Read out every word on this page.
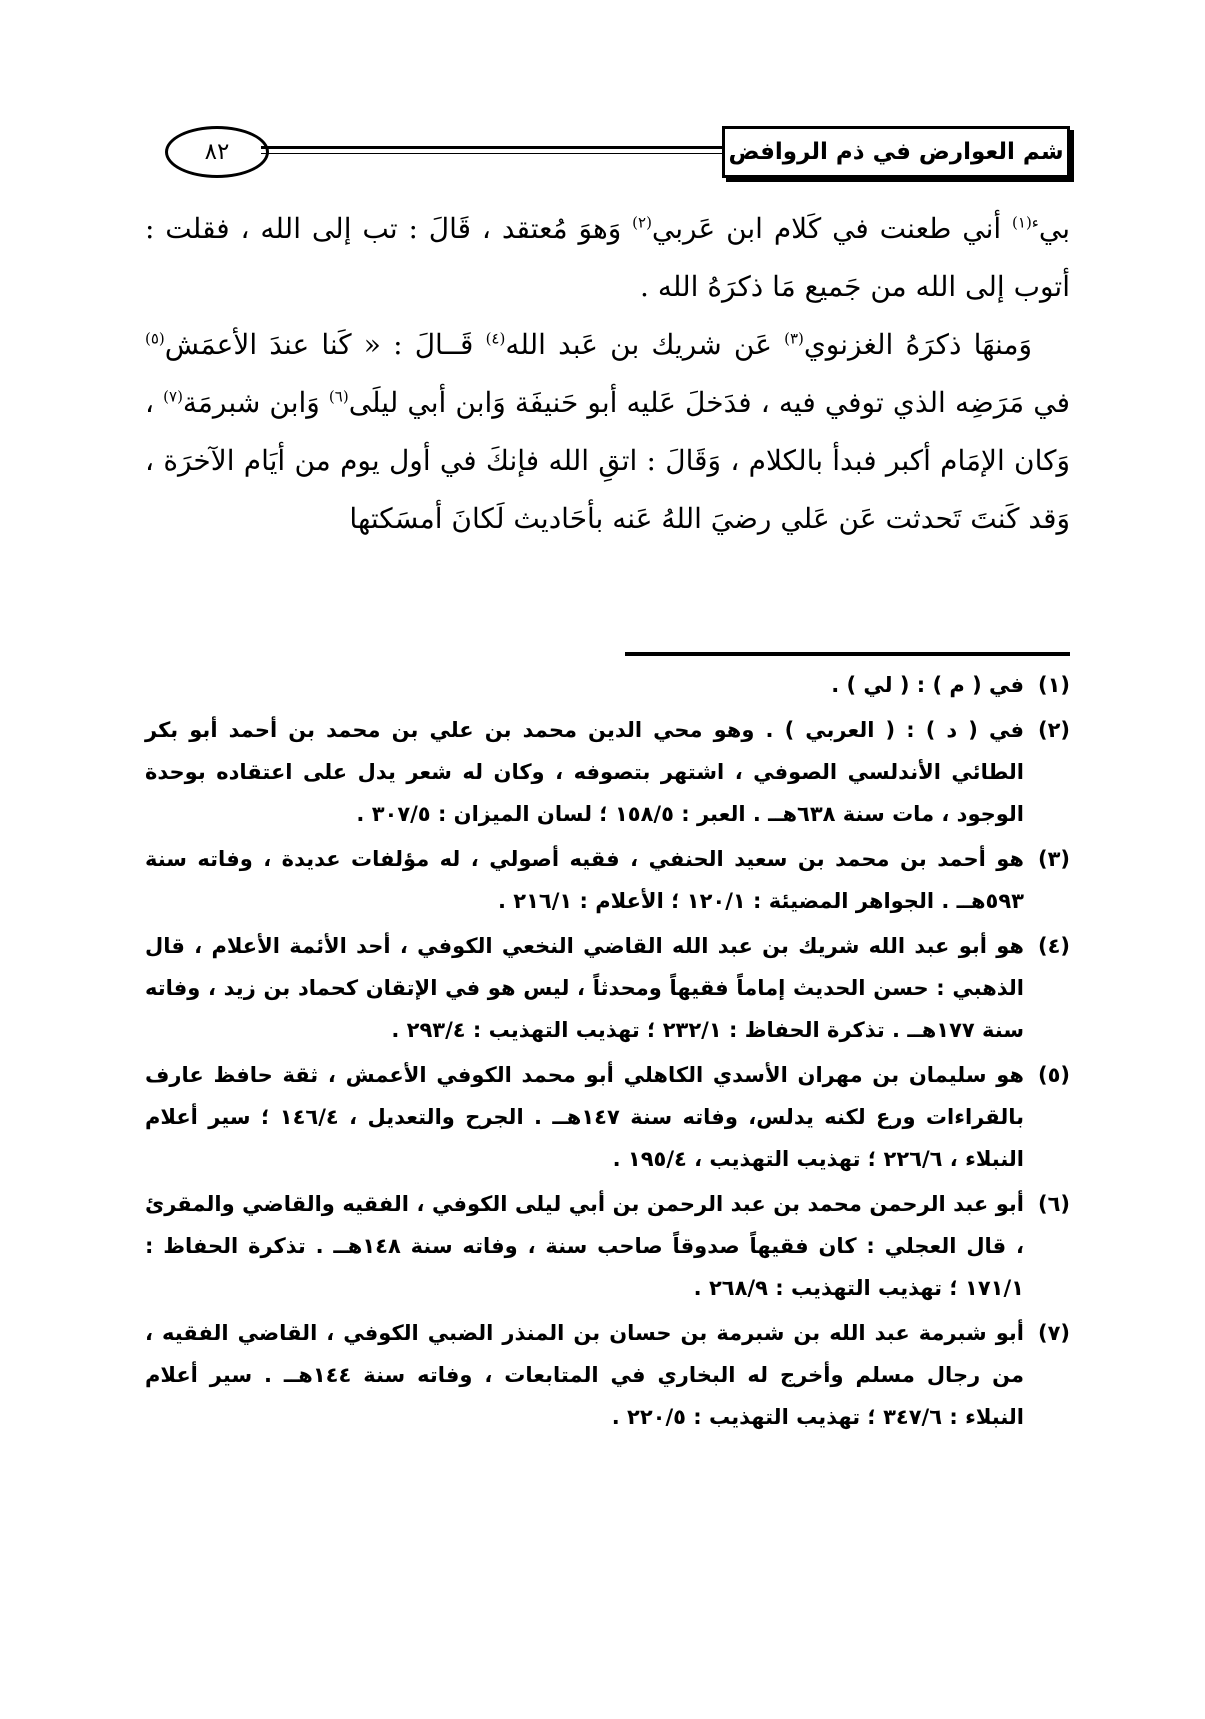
٨٢	شم العوارض في ذم الروافض

بي$^{ء(١)}$ أني طعنت في كَلام ابن عَربي$^{(٢)}$ وَهوَ مُعتقد ، قَالَ : تب إلى الله ، فقلت : أتوب إلى الله من جَميع مَا ذكرَهُ الله .

وَمنهَا ذكرَهُ الغزنوي$^{(٣)}$ عَن شريك بن عَبد الله$^{(٤)}$ قَــالَ : « كَنا عندَ الأعمَش$^{(٥)}$ في مَرَضِه الذي توفي فيه ، فدَخلَ عَليه أبو حَنيفَة وَابن أبي ليلَى$^{(٦)}$ وَابن شبرمَة$^{(٧)}$ ، وَكان الإمَام أكبر فبدأ بالكلام ، وَقَالَ : اتقِ الله فإنكَ في أول يوم من أيَام الآخرَة ، وَقد كَنتَ تَحدثت عَن عَلي رضيَ اللهُ عَنه بأحَاديث لَكانَ أمسَكتها

(١)
في ( م ) : ( لي ) .
(٢)
في ( د ) : ( العربي ) . وهو محي الدين محمد بن علي بن محمد بن أحمد أبو بكر الطائي الأندلسي الصوفي ، اشتهر بتصوفه ، وكان له شعر يدل على اعتقاده بوحدة الوجود ، مات سنة ٦٣٨هــ . العبر : ١٥٨/٥ ؛ لسان الميزان : ٣٠٧/٥ .
(٣)
هو أحمد بن محمد بن سعيد الحنفي ، فقيه أصولي ، له مؤلفات عديدة ، وفاته سنة ٥٩٣هــ . الجواهر المضيئة : ١٢٠/١ ؛ الأعلام : ٢١٦/١ .
(٤)
هو أبو عبد الله شريك بن عبد الله القاضي النخعي الكوفي ، أحد الأئمة الأعلام ، قال الذهبي : حسن الحديث إماماً فقيهاً ومحدثاً ، ليس هو في الإتقان كحماد بن زيد ، وفاته سنة ١٧٧هــ . تذكرة الحفاظ : ٢٣٢/١ ؛ تهذيب التهذيب : ٢٩٣/٤ .
(٥)
هو سليمان بن مهران الأسدي الكاهلي أبو محمد الكوفي الأعمش ، ثقة حافظ عارف بالقراءات ورع لكنه يدلس، وفاته سنة ١٤٧هــ . الجرح والتعديل ، ١٤٦/٤ ؛ سير أعلام النبلاء ، ٢٢٦/٦ ؛ تهذيب التهذيب ، ١٩٥/٤ .
(٦)
أبو عبد الرحمن محمد بن عبد الرحمن بن أبي ليلى الكوفي ، الفقيه والقاضي والمقرئ ، قال العجلي : كان فقيهاً صدوقاً صاحب سنة ، وفاته سنة ١٤٨هــ . تذكرة الحفاظ : ١٧١/١ ؛ تهذيب التهذيب : ٢٦٨/٩ .
(٧)
أبو شبرمة عبد الله بن شبرمة بن حسان بن المنذر الضبي الكوفي ، القاضي الفقيه ، من رجال مسلم وأخرج له البخاري في المتابعات ، وفاته سنة ١٤٤هــ . سير أعلام النبلاء : ٣٤٧/٦ ؛ تهذيب التهذيب : ٢٢٠/٥ .
